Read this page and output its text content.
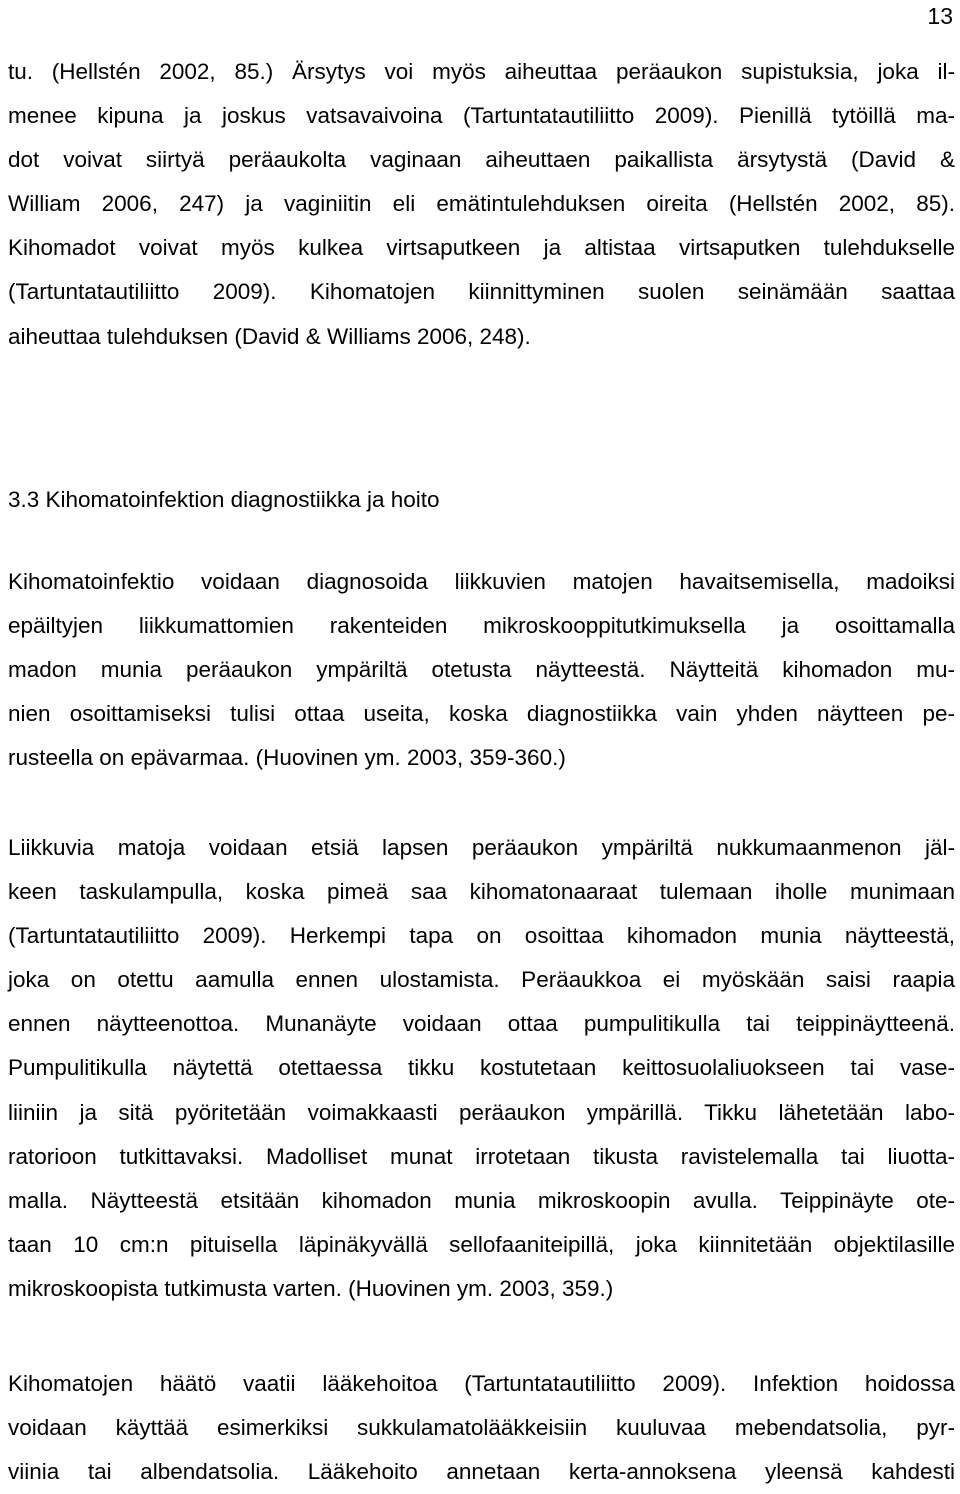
13
tu. (Hellstén 2002, 85.) Ärsytys voi myös aiheuttaa peräaukon supistuksia, joka il-
menee kipuna ja joskus vatsavaivoina (Tartuntatautiliitto 2009). Pienillä tytöillä ma-
dot voivat siirtyä peräaukolta vaginaan aiheuttaen paikallista ärsytystä (David &
William 2006, 247) ja vaginiitin eli emätintulehduksen oireita (Hellstén 2002, 85).
Kihomadot voivat myös kulkea virtsaputkeen ja altistaa virtsaputken tulehdukselle
(Tartuntatautiliitto 2009). Kihomatojen kiinnittyminen suolen seinämään saattaa
aiheuttaa tulehduksen (David & Williams 2006, 248).
3.3 Kihomatoinfektion diagnostiikka ja hoito
Kihomatoinfektio voidaan diagnosoida liikkuvien matojen havaitsemisella, madoiksi
epäiltyjen liikkumattomien rakenteiden mikroskooppitutkimuksella ja osoittamalla
madon munia peräaukon ympäriltä otetusta näytteestä. Näytteitä kihomadon mu-
nien osoittamiseksi tulisi ottaa useita, koska diagnostiikka vain yhden näytteen pe-
rusteella on epävarmaa. (Huovinen ym. 2003, 359-360.)
Liikkuvia matoja voidaan etsiä lapsen peräaukon ympäriltä nukkumaanmenon jäl-
keen taskulampulla, koska pimeä saa kihomatonaaraat tulemaan iholle munimaan
(Tartuntatautiliitto 2009). Herkempi tapa on osoittaa kihomadon munia näytteestä,
joka on otettu aamulla ennen ulostamista. Peräaukkoa ei myöskään saisi raapia
ennen näytteenottoa. Munanäyte voidaan ottaa pumpulitikulla tai teippinäytteenä.
Pumpulitikulla näytettä otettaessa tikku kostutetaan keittosuolaliuokseen tai vase-
liiniin ja sitä pyöritetään voimakkaasti peräaukon ympärillä. Tikku lähetetään labo-
ratorioon tutkittavaksi. Madolliset munat irrotetaan tikusta ravistelemalla tai liuotta-
malla. Näytteestä etsitään kihomadon munia mikroskoopin avulla. Teippinäyte ote-
taan 10 cm:n pituisella läpinäkyvällä sellofaaniteipillä, joka kiinnitetään objektilasille
mikroskoopista tutkimusta varten. (Huovinen ym. 2003, 359.)
Kihomatojen häätö vaatii lääkehoitoa (Tartuntatautiliitto 2009). Infektion hoidossa
voidaan käyttää esimerkiksi sukkulamatolääkkeisiin kuuluvaa mebendatsolia, pyr-
viinia tai albendatsolia. Lääkehoito annetaan kerta-annoksena yleensä kahdesti
